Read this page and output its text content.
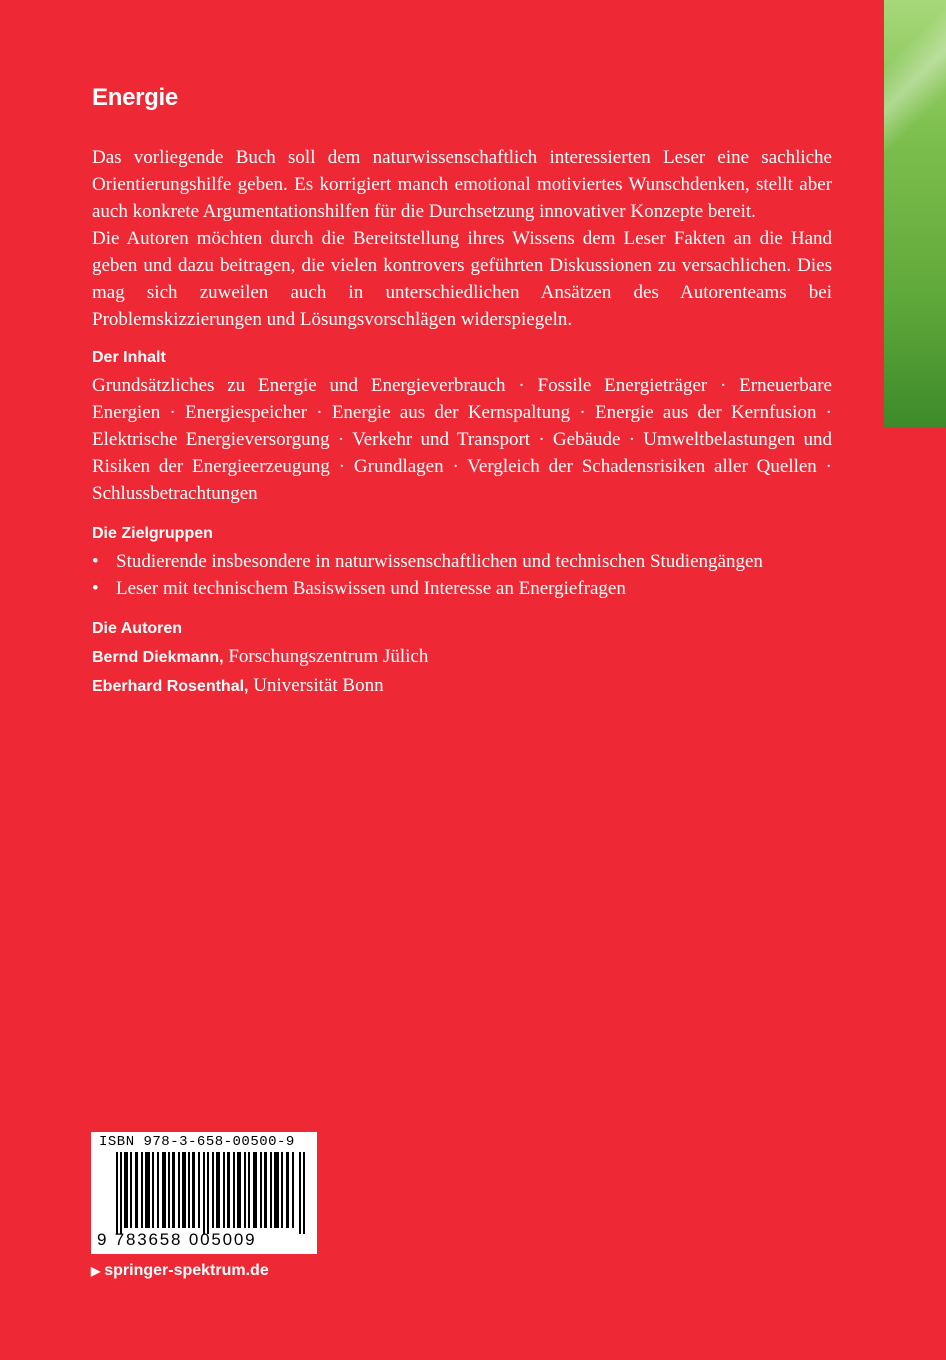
Energie

Das vorliegende Buch soll dem naturwissenschaftlich interessierten Leser eine sachliche Orientierungshilfe geben. Es korrigiert manch emotional motiviertes Wunschdenken, stellt aber auch konkrete Argumentationshilfen für die Durchsetzung innovativer Konzepte bereit.

Die Autoren möchten durch die Bereitstellung ihres Wissens dem Leser Fakten an die Hand geben und dazu beitragen, die vielen kontrovers geführten Diskussionen zu versachlichen. Dies mag sich zuweilen auch in unterschiedlichen Ansätzen des Autorenteams bei Problemskizzierungen und Lösungsvorschlägen widerspiegeln.

Der Inhalt

Grundsätzliches zu Energie und Energieverbrauch · Fossile Energieträger · Erneuerbare Energien · Energiespeicher · Energie aus der Kernspaltung · Energie aus der Kernfusion · Elektrische Energieversorgung · Verkehr und Transport · Gebäude · Umweltbelastungen und Risiken der Energieerzeugung · Grundlagen · Vergleich der Schadensrisiken aller Quellen · Schlussbetrachtungen

Die Zielgruppen
• Studierende insbesondere in naturwissenschaftlichen und technischen Studiengängen
• Leser mit technischem Basiswissen und Interesse an Energiefragen
Die Autoren
Bernd Diekmann, Forschungszentrum Jülich
Eberhard Rosenthal, Universität Bonn
ISBN 978-3-658-00500-9
9 783658 005009
▶ springer-spektrum.de
